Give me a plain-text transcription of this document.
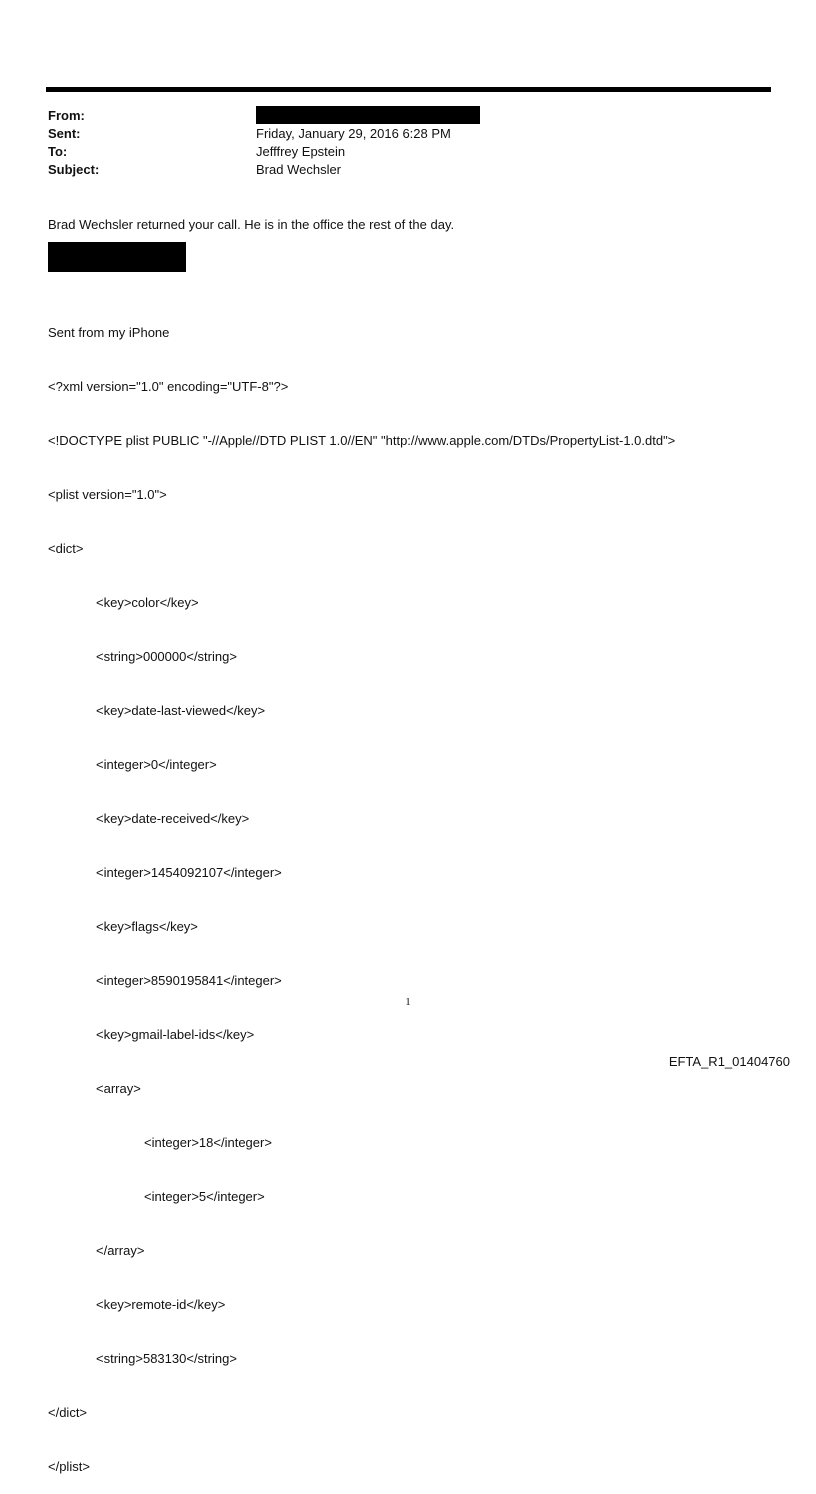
From:
Sent:	Friday, January 29, 2016 6:28 PM
To:	Jefffrey Epstein
Subject:	Brad Wechsler
Brad Wechsler returned your call. He is in the office the rest of the day.

Sent from my iPhone

<?xml version="1.0" encoding="UTF-8"?>

<!DOCTYPE plist PUBLIC "-//Apple//DTD PLIST 1.0//EN" "http://www.apple.com/DTDs/PropertyList-1.0.dtd">

<plist version="1.0">

<dict>

<key>color</key>

<string>000000</string>

<key>date-last-viewed</key>

<integer>0</integer>

<key>date-received</key>

<integer>1454092107</integer>

<key>flags</key>

<integer>8590195841</integer>

<key>gmail-label-ids</key>

<array>

<integer>18</integer>

<integer>5</integer>

</array>

<key>remote-id</key>

<string>583130</string>

</dict>

</plist>

1
EFTA_R1_01404760
